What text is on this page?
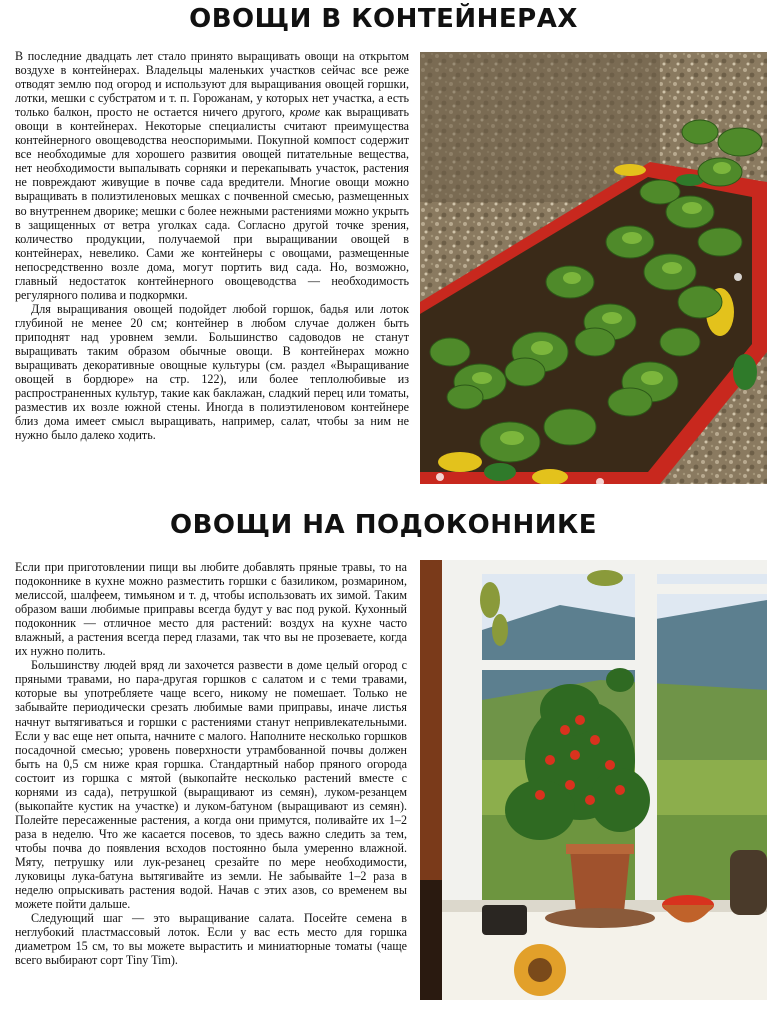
ОВОЩИ В КОНТЕЙНЕРАХ

В последние двадцать лет стало принято выращивать овощи на открытом воздухе в контейнерах. Владельцы маленьких участков сейчас все реже отводят землю под огород и используют для выращивания овощей горшки, лотки, мешки с субстратом и т. п. Горожанам, у которых нет участка, а есть только балкон, просто не остается ничего другого, кроме как выращивать овощи в контейнерах. Некоторые специалисты считают преимущества контейнерного овощеводства неоспоримыми. Покупной компост содержит все необходимые для хорошего развития овощей питательные вещества, нет необходимости выпалывать сорняки и перекапывать участок, растения не повреждают живущие в почве сада вредители. Многие овощи можно выращивать в полиэтиленовых мешках с почвенной смесью, размещенных во внутреннем дворике; мешки с более нежными растениями можно укрыть в защищенных от ветра уголках сада. Согласно другой точке зрения, количество продукции, получаемой при выращивании овощей в контейнерах, невелико. Сами же контейнеры с овощами, размещенные непосредственно возле дома, могут портить вид сада. Но, возможно, главный недостаток контейнерного овощеводства — необходимость регулярного полива и подкормки.

Для выращивания овощей подойдет любой горшок, бадья или лоток глубиной не менее 20 см; контейнер в любом случае должен быть приподнят над уровнем земли. Большинство садоводов не станут выращивать таким образом обычные овощи. В контейнерах можно выращивать декоративные овощные культуры (см. раздел «Выращивание овощей в бордюре» на стр. 122), или более теплолюбивые из распространенных культур, такие как баклажан, сладкий перец или томаты, разместив их возле южной стены. Иногда в полиэтиленовом контейнере близ дома имеет смысл выращивать, например, салат, чтобы за ним не нужно было далеко ходить.

ОВОЩИ НА ПОДОКОННИКЕ

Если при приготовлении пищи вы любите добавлять пряные травы, то на подоконнике в кухне можно разместить горшки с базиликом, розмарином, мелиссой, шалфеем, тимьяном и т. д, чтобы использовать их зимой. Таким образом ваши любимые приправы всегда будут у вас под рукой. Кухонный подоконник — отличное место для растений: воздух на кухне часто влажный, а растения всегда перед глазами, так что вы не прозеваете, когда их нужно полить.

Большинству людей вряд ли захочется развести в доме целый огород с пряными травами, но пара-другая горшков с салатом и с теми травами, которые вы употребляете чаще всего, никому не помешает. Только не забывайте периодически срезать любимые вами приправы, иначе листья начнут вытягиваться и горшки с растениями станут непривлекательными. Если у вас еще нет опыта, начните с малого. Наполните несколько горшков посадочной смесью; уровень поверхности утрамбованной почвы должен быть на 0,5 см ниже края горшка. Стандартный набор пряного огорода состоит из горшка с мятой (выкопайте несколько растений вместе с корнями из сада), петрушкой (выращивают из семян), луком-резанцем (выкопайте кустик на участке) и луком-батуном (выращивают из семян). Полейте пересаженные растения, а когда они примутся, поливайте их 1–2 раза в неделю. Что же касается посевов, то здесь важно следить за тем, чтобы почва до появления всходов постоянно была умеренно влажной. Мяту, петрушку или лук-резанец срезайте по мере необходимости, луковицы лука-батуна вытягивайте из земли. Не забывайте 1–2 раза в неделю опрыскивать растения водой. Начав с этих азов, со временем вы можете пойти дальше.

Следующий шаг — это выращивание салата. Посейте семена в неглубокий пластмассовый лоток. Если у вас есть место для горшка диаметром 15 см, то вы можете вырастить и миниатюрные томаты (чаще всего выбирают сорт Tiny Tim).
